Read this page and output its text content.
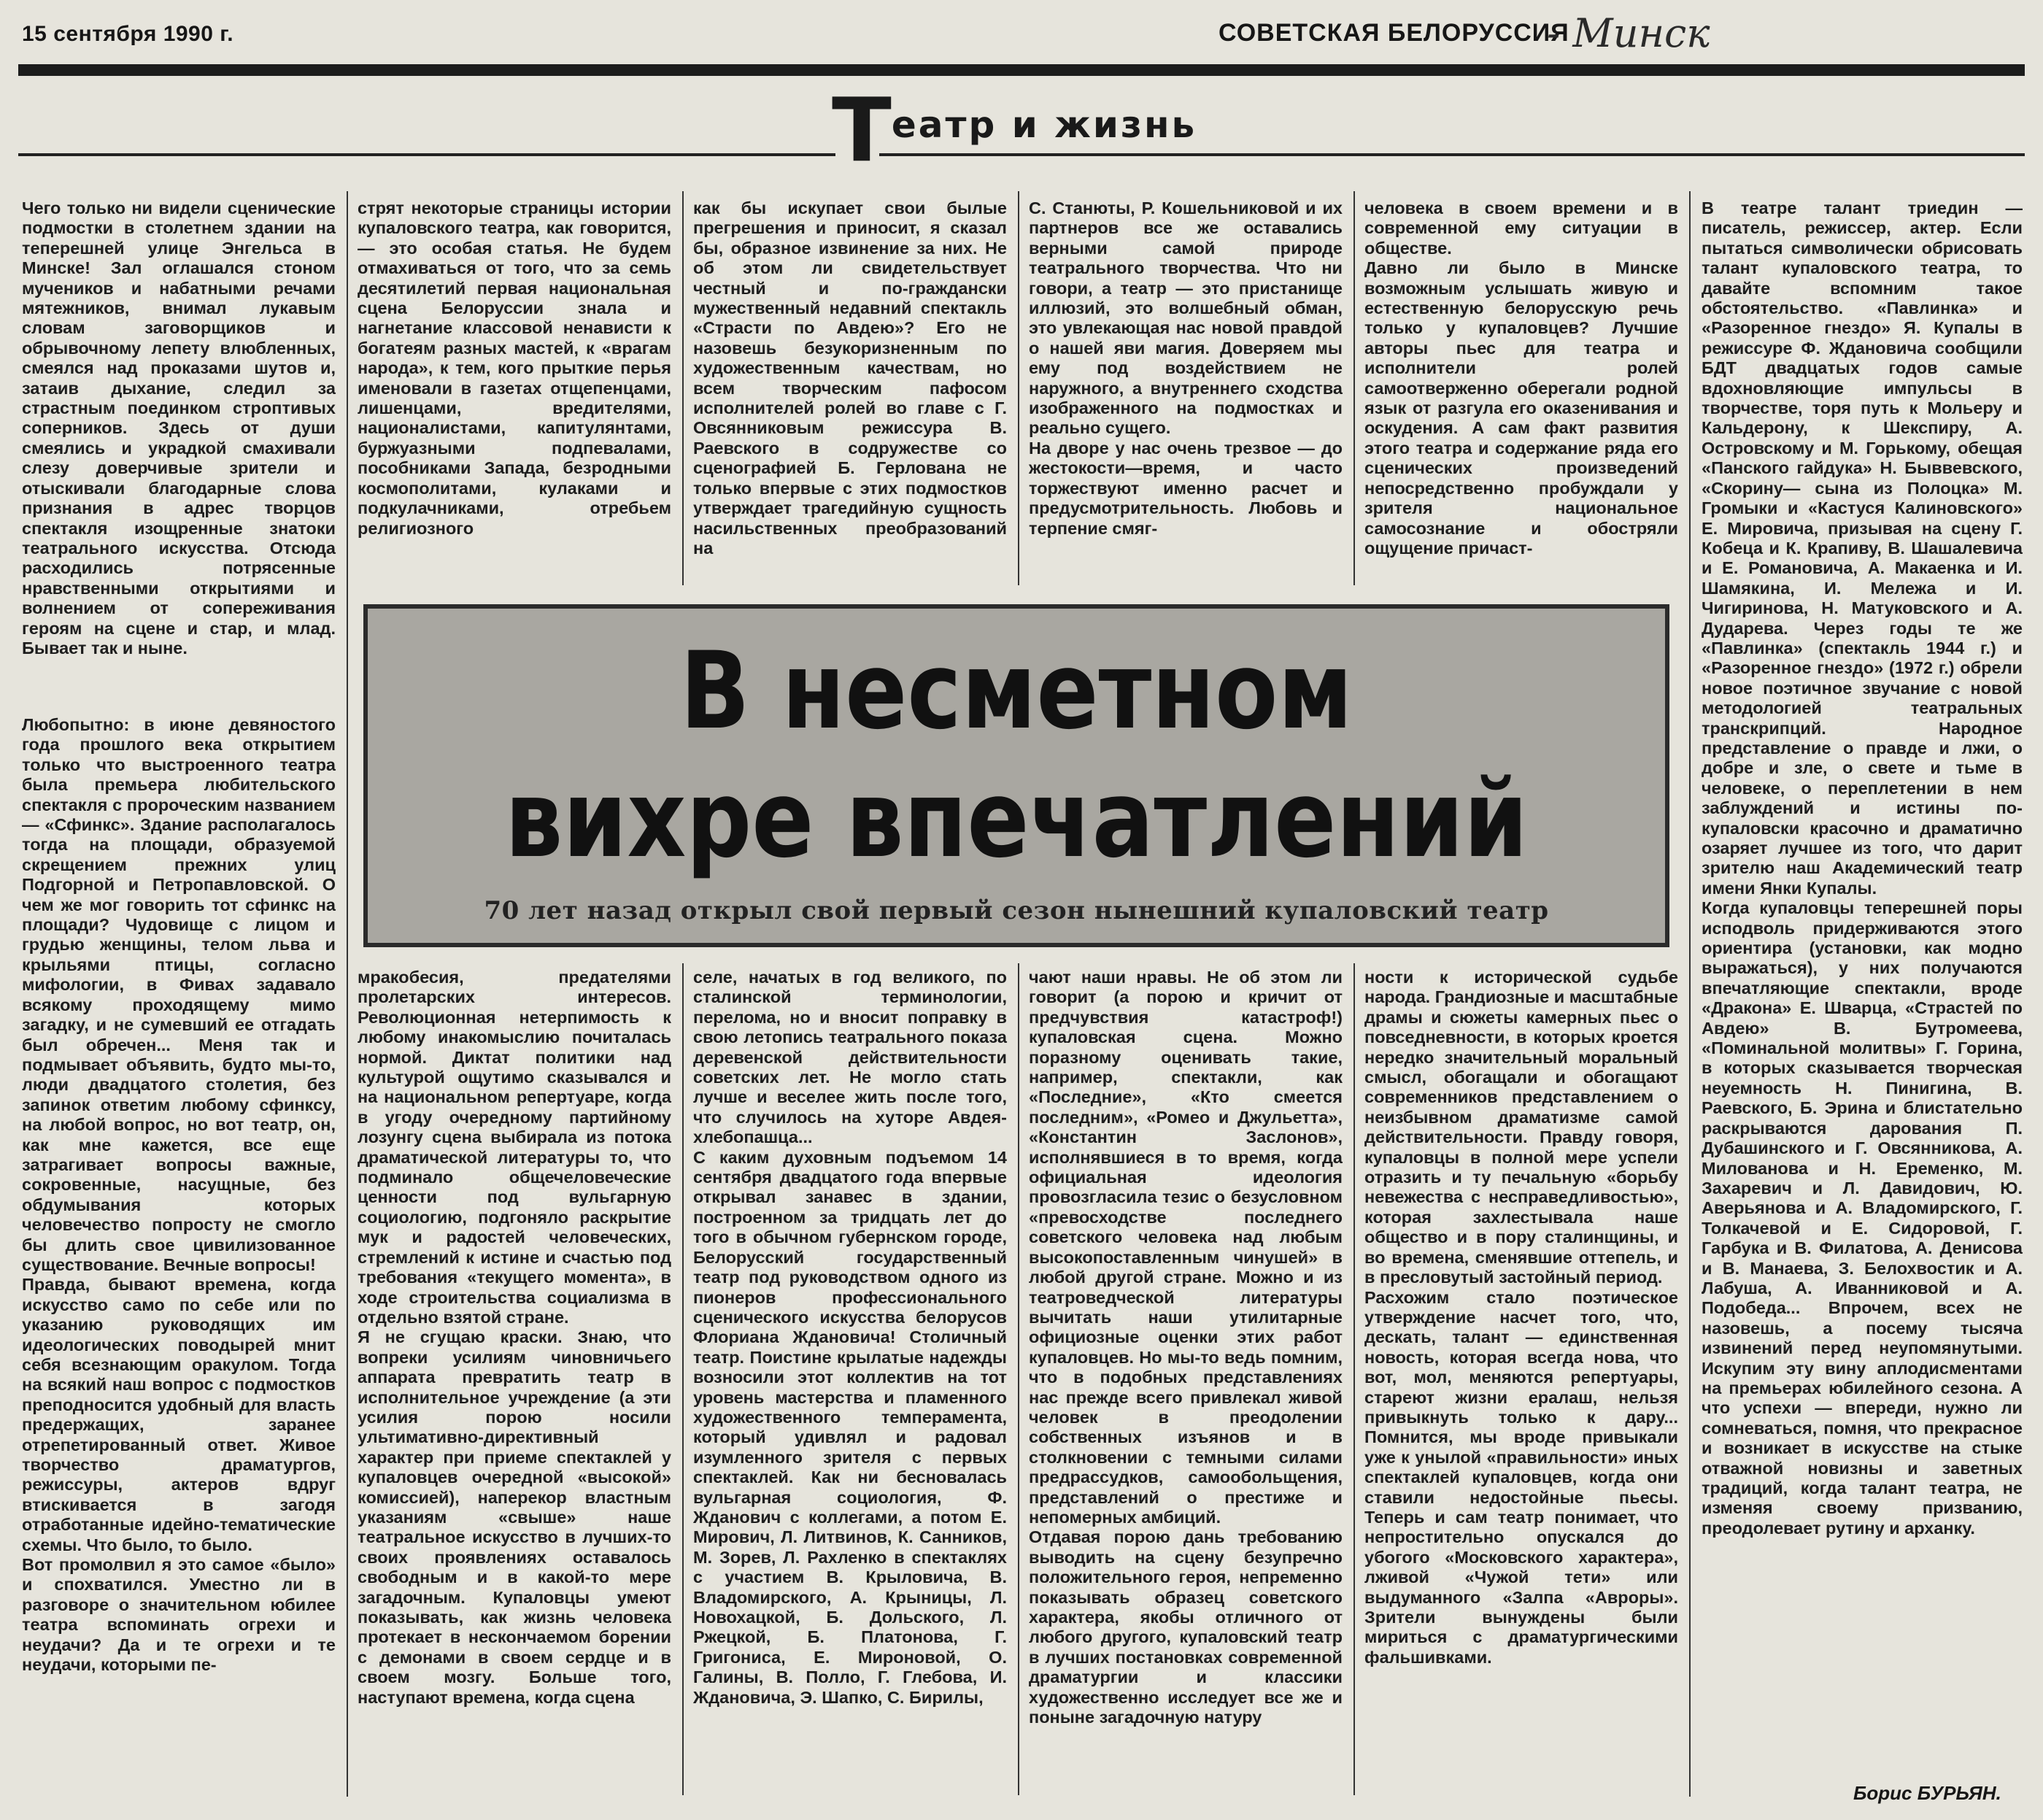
15 сентября 1990 г.	СОВЕТСКАЯ БЕЛОРУССИЯ
- Минск
Театр и жизнь
Чего только ни видели сценические подмостки в столетнем здании на теперешней улице Энгельса в Минске! Зал оглашался стоном мучеников и набатными речами мятежников, внимал лукавым словам заговорщиков и обрывочному лепету влюбленных, смеялся над проказами шутов и, затаив дыхание, следил за страстным поединком строптивых соперников. Здесь от души смеялись и украдкой смахивали слезу доверчивые зрители и отыскивали благодарные слова признания в адрес творцов спектакля изощренные знатоки театрального искусства. Отсюда расходились потрясенные нравственными открытиями и волнением от сопереживания героям на сцене и стар, и млад. Бывает так и ныне.
стрят некоторые страницы истории купаловского театра, как говорится, — это особая статья. Не будем отмахиваться от того, что за семь десятилетий первая национальная сцена Белоруссии знала и нагнетание классовой ненависти к богатеям разных мастей, к «врагам народа», к тем, кого прыткие перья именовали в газетах отщепенцами, лишенцами, вредителями, националистами, капитулянтами, буржуазными подпевалами, пособниками Запада, безродными космополитами, кулаками и подкулачниками, отребьем религиозного
как бы искупает свои былые прегрешения и приносит, я сказал бы, образное извинение за них. Не об этом ли свидетельствует честный и по-граждански мужественный недавний спектакль «Страсти по Авдею»? Его не назовешь безукоризненным по художественным качествам, но всем творческим пафосом исполнителей ролей во главе с Г. Овсянниковым режиссура В. Раевского в содружестве со сценографией Б. Герлована не только впервые с этих подмостков утверждает трагедийную сущность насильственных преобразований на
С. Станюты, Р. Кошельниковой и их партнеров все же оставались верными самой природе театрального творчества. Что ни говори, а театр — это пристанище иллюзий, это волшебный обман, это увлекающая нас новой правдой о нашей яви магия. Доверяем мы ему под воздействием не наружного, а внутреннего сходства изображенного на подмостках и реально сущего.
На дворе у нас очень трезвое — до жестокости—время, и часто торжествуют именно расчет и предусмотрительность. Любовь и терпение смяг-
человека в своем времени и в современной ему ситуации в обществе.
Давно ли было в Минске возможным услышать живую и естественную белорусскую речь только у купаловцев? Лучшие авторы пьес для театра и исполнители ролей самоотверженно оберегали родной язык от разгула его оказенивания и оскудения. А сам факт развития этого театра и содержание ряда его сценических произведений непосредственно пробуждали у зрителя национальное самосознание и обостряли ощущение причаст-
В несметном
вихре впечатлений
70 лет назад открыл свой первый сезон нынешний купаловский театр
Любопытно: в июне девяностого года прошлого века открытием только что выстроенного театра была премьера любительского спектакля с пророческим названием — «Сфинкс». Здание располагалось тогда на площади, образуемой скрещением прежних улиц Подгорной и Петропавловской. О чем же мог говорить тот сфинкс на площади? Чудовище с лицом и грудью женщины, телом льва и крыльями птицы, согласно мифологии, в Фивах задавало всякому проходящему мимо загадку, и не сумевший ее отгадать был обречен... Меня так и подмывает объявить, будто мы-то, люди двадцатого столетия, без запинок ответим любому сфинксу, на любой вопрос, но вот театр, он, как мне кажется, все еще затрагивает вопросы важные, сокровенные, насущные, без обдумывания которых человечество попросту не смогло бы длить свое цивилизованное существование. Вечные вопросы!
Правда, бывают времена, когда искусство само по себе или по указанию руководящих им идеологических поводырей мнит себя всезнающим оракулом. Тогда на всякий наш вопрос с подмостков преподносится удобный для власть предержащих, заранее отрепетированный ответ. Живое творчество драматургов, режиссуры, актеров вдруг втискивается в загодя отработанные идейно-тематические схемы. Что было, то было.
Вот промолвил я это самое «было» и спохватился. Уместно ли в разговоре о значительном юбилее театра вспоминать огрехи и неудачи? Да и те огрехи и те неудачи, которыми пе-
мракобесия, предателями пролетарских интересов. Революционная нетерпимость к любому инакомыслию почиталась нормой. Диктат политики над культурой ощутимо сказывался и на национальном репертуаре, когда в угоду очередному партийному лозунгу сцена выбирала из потока драматической литературы то, что подминало общечеловеческие ценности под вульгарную социологию, подгоняло раскрытие мук и радостей человеческих, стремлений к истине и счастью под требования «текущего момента», в ходе строительства социализма в отдельно взятой стране.
Я не сгущаю краски. Знаю, что вопреки усилиям чиновничьего аппарата превратить театр в исполнительное учреждение (а эти усилия порою носили ультимативно-директивный характер при приеме спектаклей у купаловцев очередной «высокой» комиссией), наперекор властным указаниям «свыше» наше театральное искусство в лучших-то своих проявлениях оставалось свободным и в какой-то мере загадочным. Купаловцы умеют показывать, как жизнь человека протекает в нескончаемом борении с демонами в своем сердце и в своем мозгу. Больше того, наступают времена, когда сцена
селе, начатых в год великого, по сталинской терминологии, перелома, но и вносит поправку в свою летопись театрального показа деревенской действительности советских лет. Не могло стать лучше и веселее жить после того, что случилось на хуторе Авдея-хлебопашца...
С каким духовным подъемом 14 сентября двадцатого года впервые открывал занавес в здании, построенном за тридцать лет до того в обычном губернском городе, Белорусский государственный театр под руководством одного из пионеров профессионального сценического искусства белорусов Флориана Ждановича! Столичный театр. Поистине крылатые надежды возносили этот коллектив на тот уровень мастерства и пламенного художественного темперамента, который удивлял и радовал изумленного зрителя с первых спектаклей. Как ни бесновалась вульгарная социология, Ф. Жданович с коллегами, а потом Е. Мирович, Л. Литвинов, К. Санников, М. Зорев, Л. Рахленко в спектаклях с участием В. Крыловича, В. Владомирского, А. Крыницы, Л. Новохацкой, Б. Дольского, Л. Ржецкой, Б. Платонова, Г. Григониса, Е. Мироновой, О. Галины, В. Полло, Г. Глебова, И. Ждановича, Э. Шапко, С. Бирилы,
чают наши нравы. Не об этом ли говорит (а порою и кричит от предчувствия катастроф!) купаловская сцена. Можно поразному оценивать такие, например, спектакли, как «Последние», «Кто смеется последним», «Ромео и Джульетта», «Константин Заслонов», исполнявшиеся в то время, когда официальная идеология провозгласила тезис о безусловном «превосходстве последнего советского человека над любым высокопоставленным чинушей» в любой другой стране. Можно и из театроведческой литературы вычитать наши утилитарные официозные оценки этих работ купаловцев. Но мы-то ведь помним, что в подобных представлениях нас прежде всего привлекал живой человек в преодолении собственных изъянов и в столкновении с темными силами предрассудков, самообольщения, представлений о престиже и непомерных амбиций.
Отдавая порою дань требованию выводить на сцену безупречно положительного героя, непременно показывать образец советского характера, якобы отличного от любого другого, купаловский театр в лучших постановках современной драматургии и классики художественно исследует все же и поныне загадочную натуру
ности к исторической судьбе народа. Грандиозные и масштабные драмы и сюжеты камерных пьес о повседневности, в которых кроется нередко значительный моральный смысл, обогащали и обогащают современников представлением о неизбывном драматизме самой действительности. Правду говоря, купаловцы в полной мере успели отразить и ту печальную «борьбу невежества с несправедливостью», которая захлестывала наше общество и в пору сталинщины, и во времена, сменявшие оттепель, и в пресловутый застойный период.
Расхожим стало поэтическое утверждение насчет того, что, дескать, талант — единственная новость, которая всегда нова, что вот, мол, меняются репертуары, стареют жизни ералаш, нельзя привыкнуть только к дару... Помнится, мы вроде привыкали уже к унылой «правильности» иных спектаклей купаловцев, когда они ставили недостойные пьесы. Теперь и сам театр понимает, что непростительно опускался до убогого «Московского характера», лживой «Чужой тети» или выдуманного «Залпа «Авроры». Зрители вынуждены были мириться с драматургическими фальшивками.
В театре талант триедин — писатель, режиссер, актер. Если пытаться символически обрисовать талант купаловского театра, то давайте вспомним такое обстоятельство. «Павлинка» и «Разоренное гнездо» Я. Купалы в режиссуре Ф. Ждановича сообщили БДТ двадцатых годов самые вдохновляющие импульсы в творчестве, торя путь к Мольеру и Кальдерону, к Шекспиру, А. Островскому и М. Горькому, обещая «Панского гайдука» Н. Быввевского, «Скорину— сына из Полоцка» М. Громыки и «Кастуся Калиновского» Е. Мировича, призывая на сцену Г. Кобеца и К. Крапиву, В. Шашалевича и Е. Романовича, А. Макаенка и И. Шамякина, И. Мележа и И. Чигиринова, Н. Матуковского и А. Дударева. Через годы те же «Павлинка» (спектакль 1944 г.) и «Разоренное гнездо» (1972 г.) обрели новое поэтичное звучание с новой методологией театральных транскрипций. Народное представление о правде и лжи, о добре и зле, о свете и тьме в человеке, о переплетении в нем заблуждений и истины по-купаловски красочно и драматично озаряет лучшее из того, что дарит зрителю наш Академический театр имени Янки Купалы.
Когда купаловцы теперешней поры исподволь придерживаются этого ориентира (установки, как модно выражаться), у них получаются впечатляющие спектакли, вроде «Дракона» Е. Шварца, «Страстей по Авдею» В. Бутромеева, «Поминальной молитвы» Г. Горина, в которых сказывается творческая неуемность Н. Пинигина, В. Раевского, Б. Эрина и блистательно раскрываются дарования П. Дубашинского и Г. Овсянникова, А. Милованова и Н. Еременко, М. Захаревич и Л. Давидович, Ю. Аверьянова и А. Владомирского, Г. Толкачевой и Е. Сидоровой, Г. Гарбука и В. Филатова, А. Денисова и В. Манаева, З. Белохвостик и А. Лабуша, А. Иванниковой и А. Подобеда... Впрочем, всех не назовешь, а посему тысяча извинений перед неупомянутыми. Искупим эту вину аплодисментами на премьерах юбилейного сезона. А что успехи — впереди, нужно ли сомневаться, помня, что прекрасное и возникает в искусстве на стыке отважной новизны и заветных традиций, когда талант театра, не изменяя своему призванию, преодолевает рутину и арханку.
Борис БУРЬЯН.
